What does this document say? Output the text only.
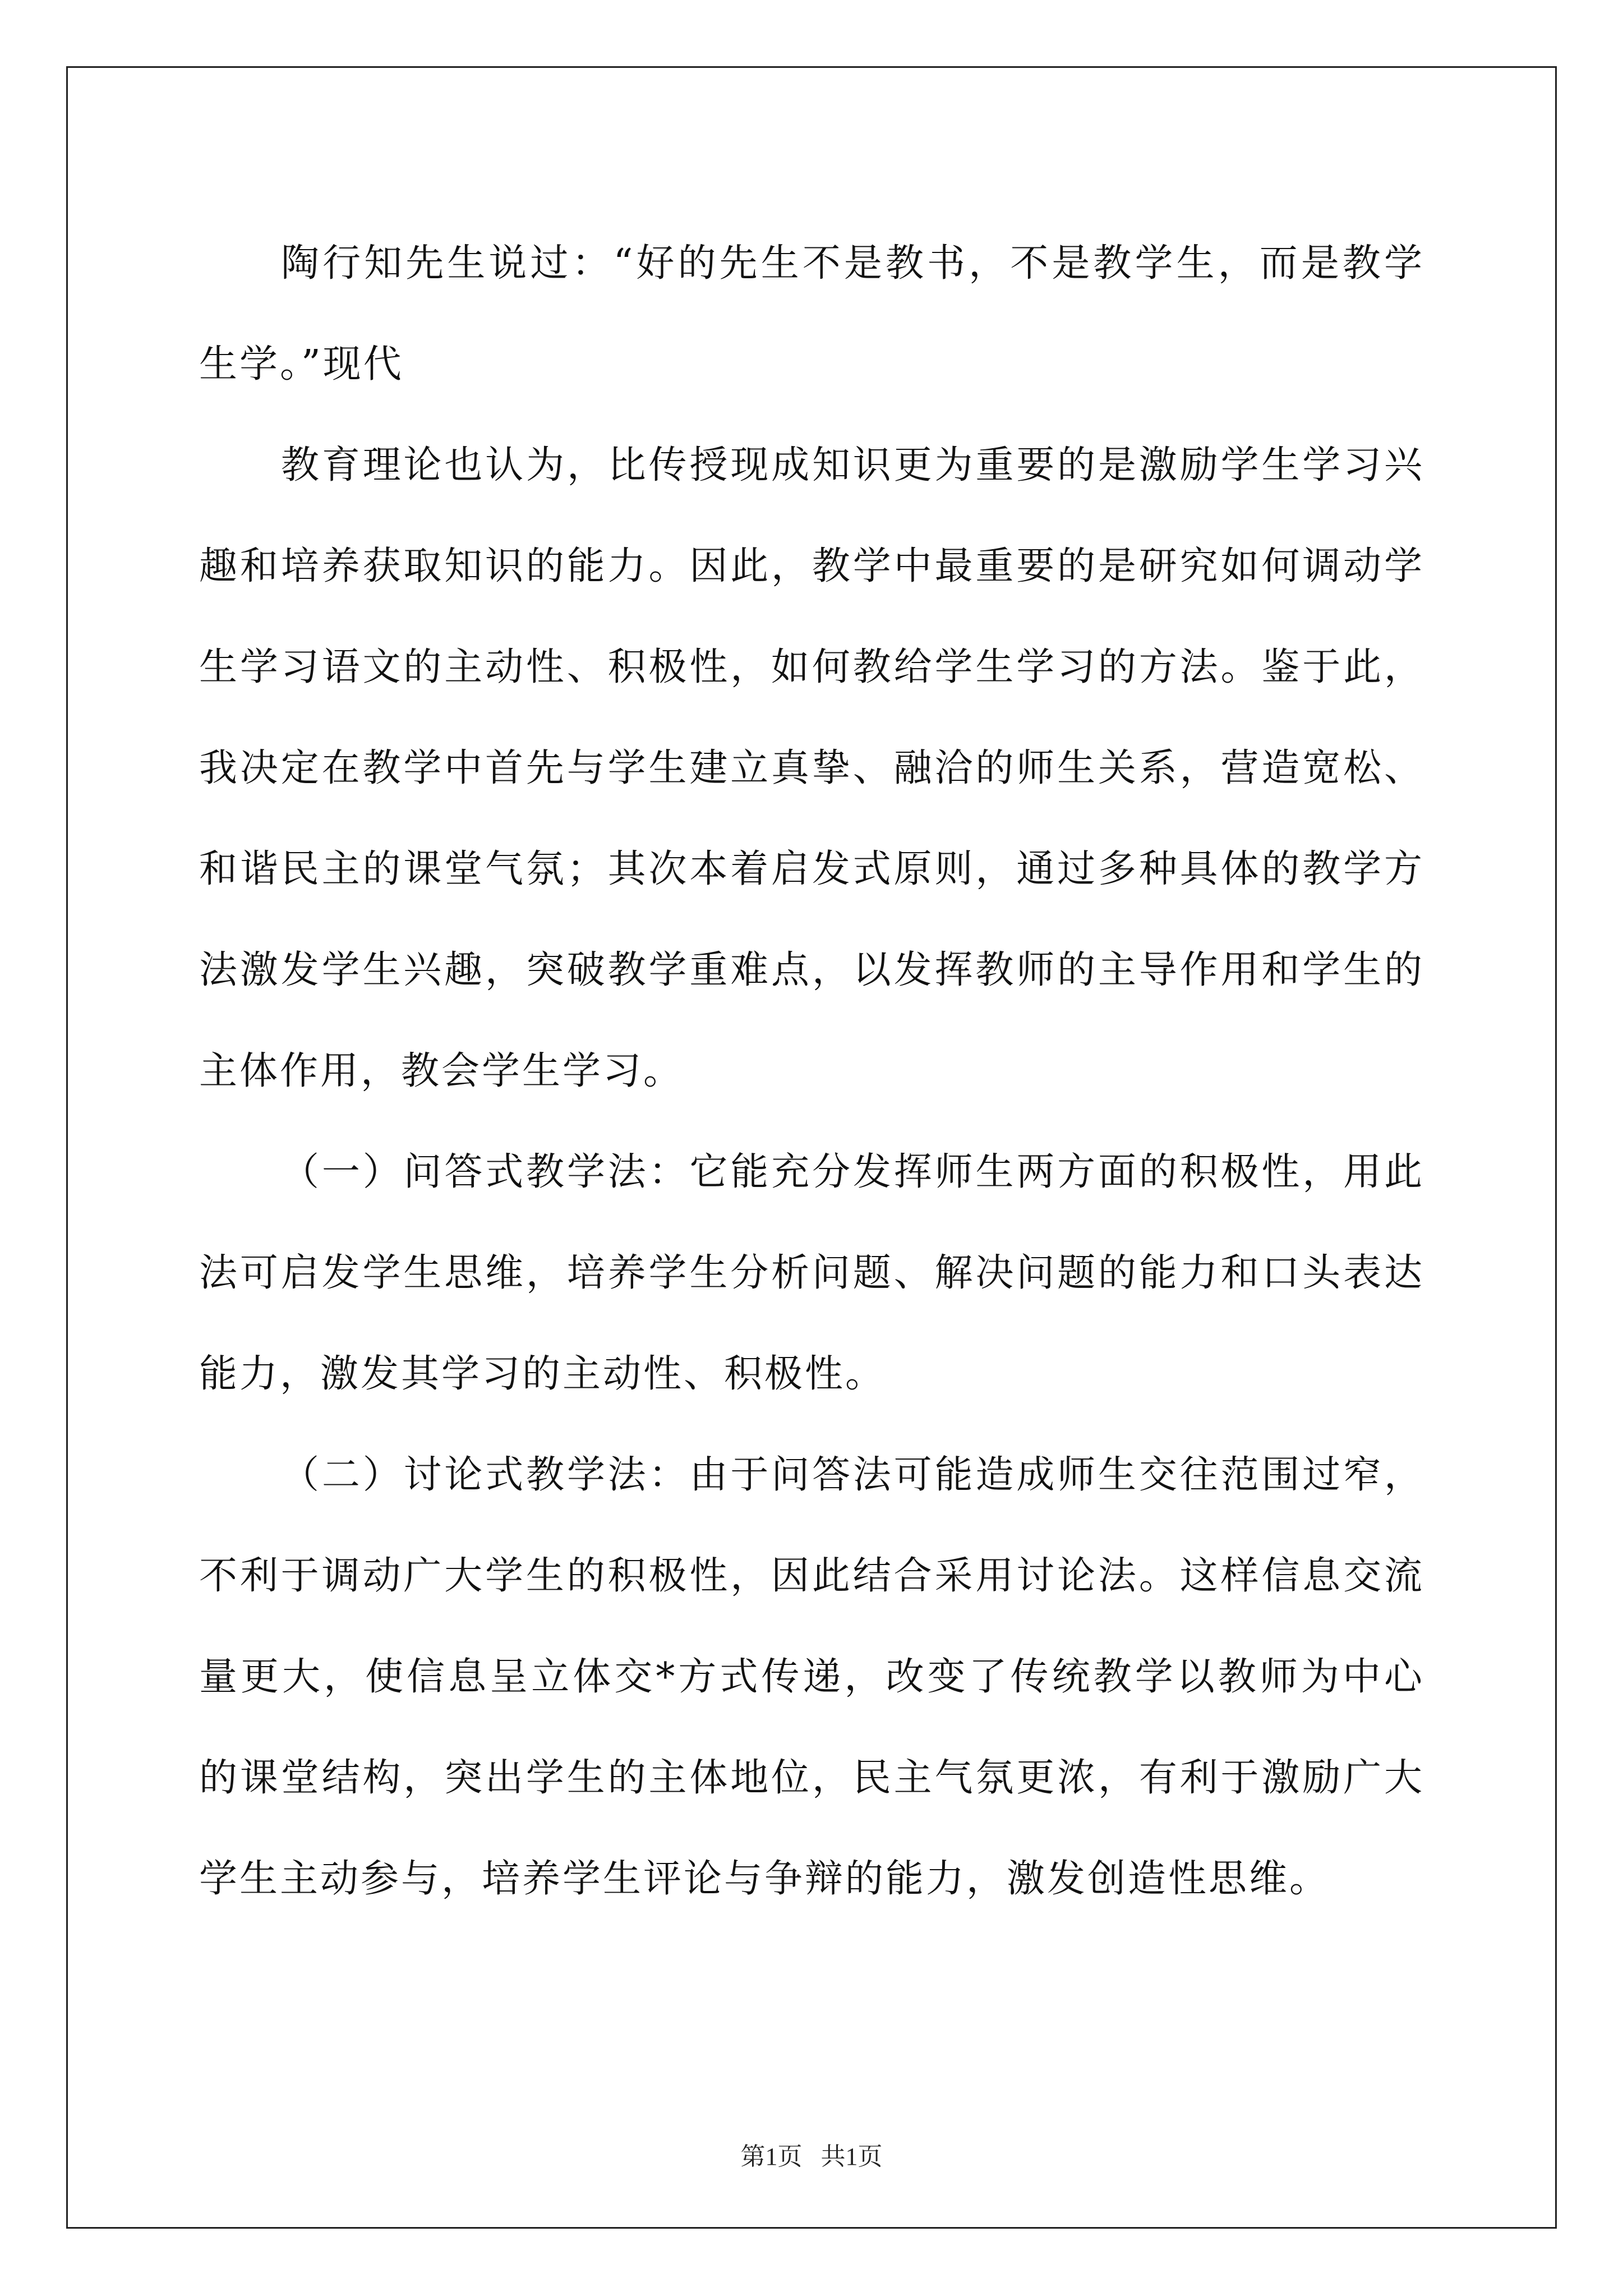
陶行知先生说过：“好的先生不是教书，不是教学生，而是教学生学。”现代

教育理论也认为，比传授现成知识更为重要的是激励学生学习兴趣和培养获取知识的能力。因此，教学中最重要的是研究如何调动学生学习语文的主动性、积极性，如何教给学生学习的方法。鉴于此，我决定在教学中首先与学生建立真挚、融洽的师生关系，营造宽松、和谐民主的课堂气氛；其次本着启发式原则，通过多种具体的教学方法激发学生兴趣，突破教学重难点，以发挥教师的主导作用和学生的主体作用，教会学生学习。

（一）问答式教学法：它能充分发挥师生两方面的积极性，用此法可启发学生思维，培养学生分析问题、解决问题的能力和口头表达能力，激发其学习的主动性、积极性。

（二）讨论式教学法：由于问答法可能造成师生交往范围过窄，不利于调动广大学生的积极性，因此结合采用讨论法。这样信息交流量更大，使信息呈立体交*方式传递，改变了传统教学以教师为中心的课堂结构，突出学生的主体地位，民主气氛更浓，有利于激励广大学生主动参与，培养学生评论与争辩的能力，激发创造性思维。

第1页   共1页
